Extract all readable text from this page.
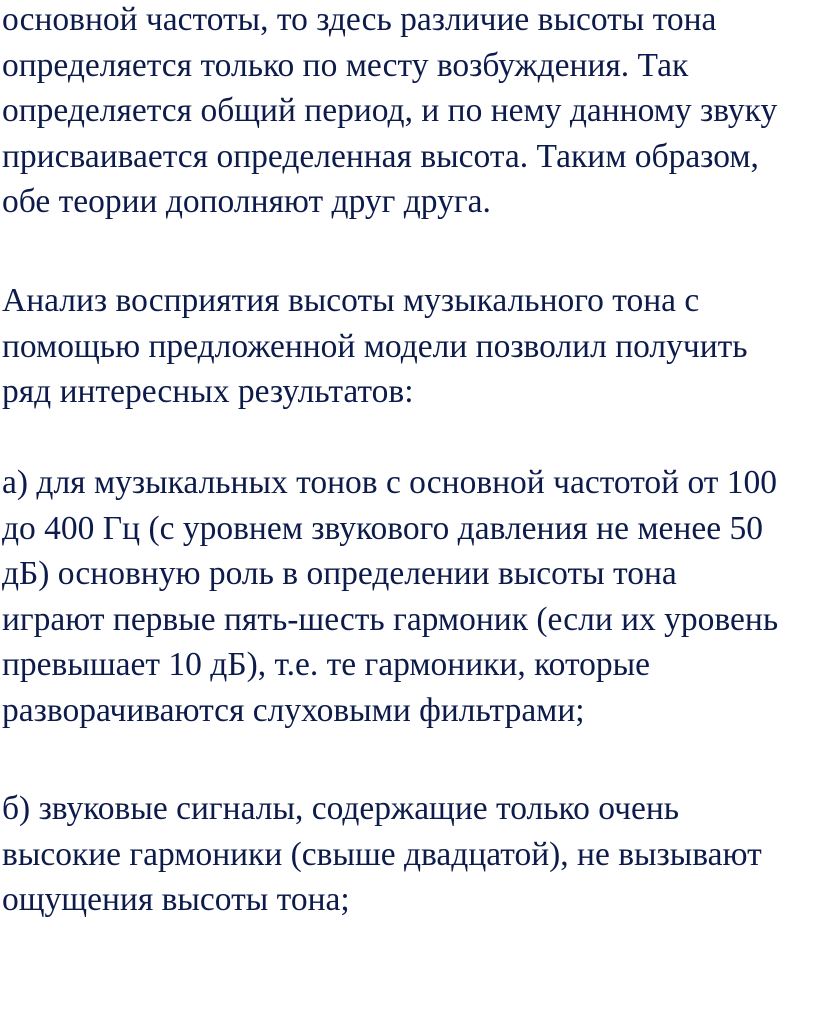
основной частоты, то здесь различие высоты тона
определяется только по месту возбуждения. Так
определяется общий период, и по нему данному звуку
присваивается определенная высота. Таким образом,
обе теории дополняют друг друга.

Анализ восприятия высоты музыкального тона с
помощью предложенной модели позволил получить
ряд интересных результатов:

а) для музыкальных тонов с основной частотой от 100
до 400 Гц (с уровнем звукового давления не менее 50
дБ) основную роль в определении высоты тона
играют первые пять-шесть гармоник (если их уровень
превышает 10 дБ), т.е. те гармоники, которые
разворачиваются слуховыми фильтрами;

б) звуковые сигналы, содержащие только очень
высокие гармоники (свыше двадцатой), не вызывают
ощущения высоты тона;
